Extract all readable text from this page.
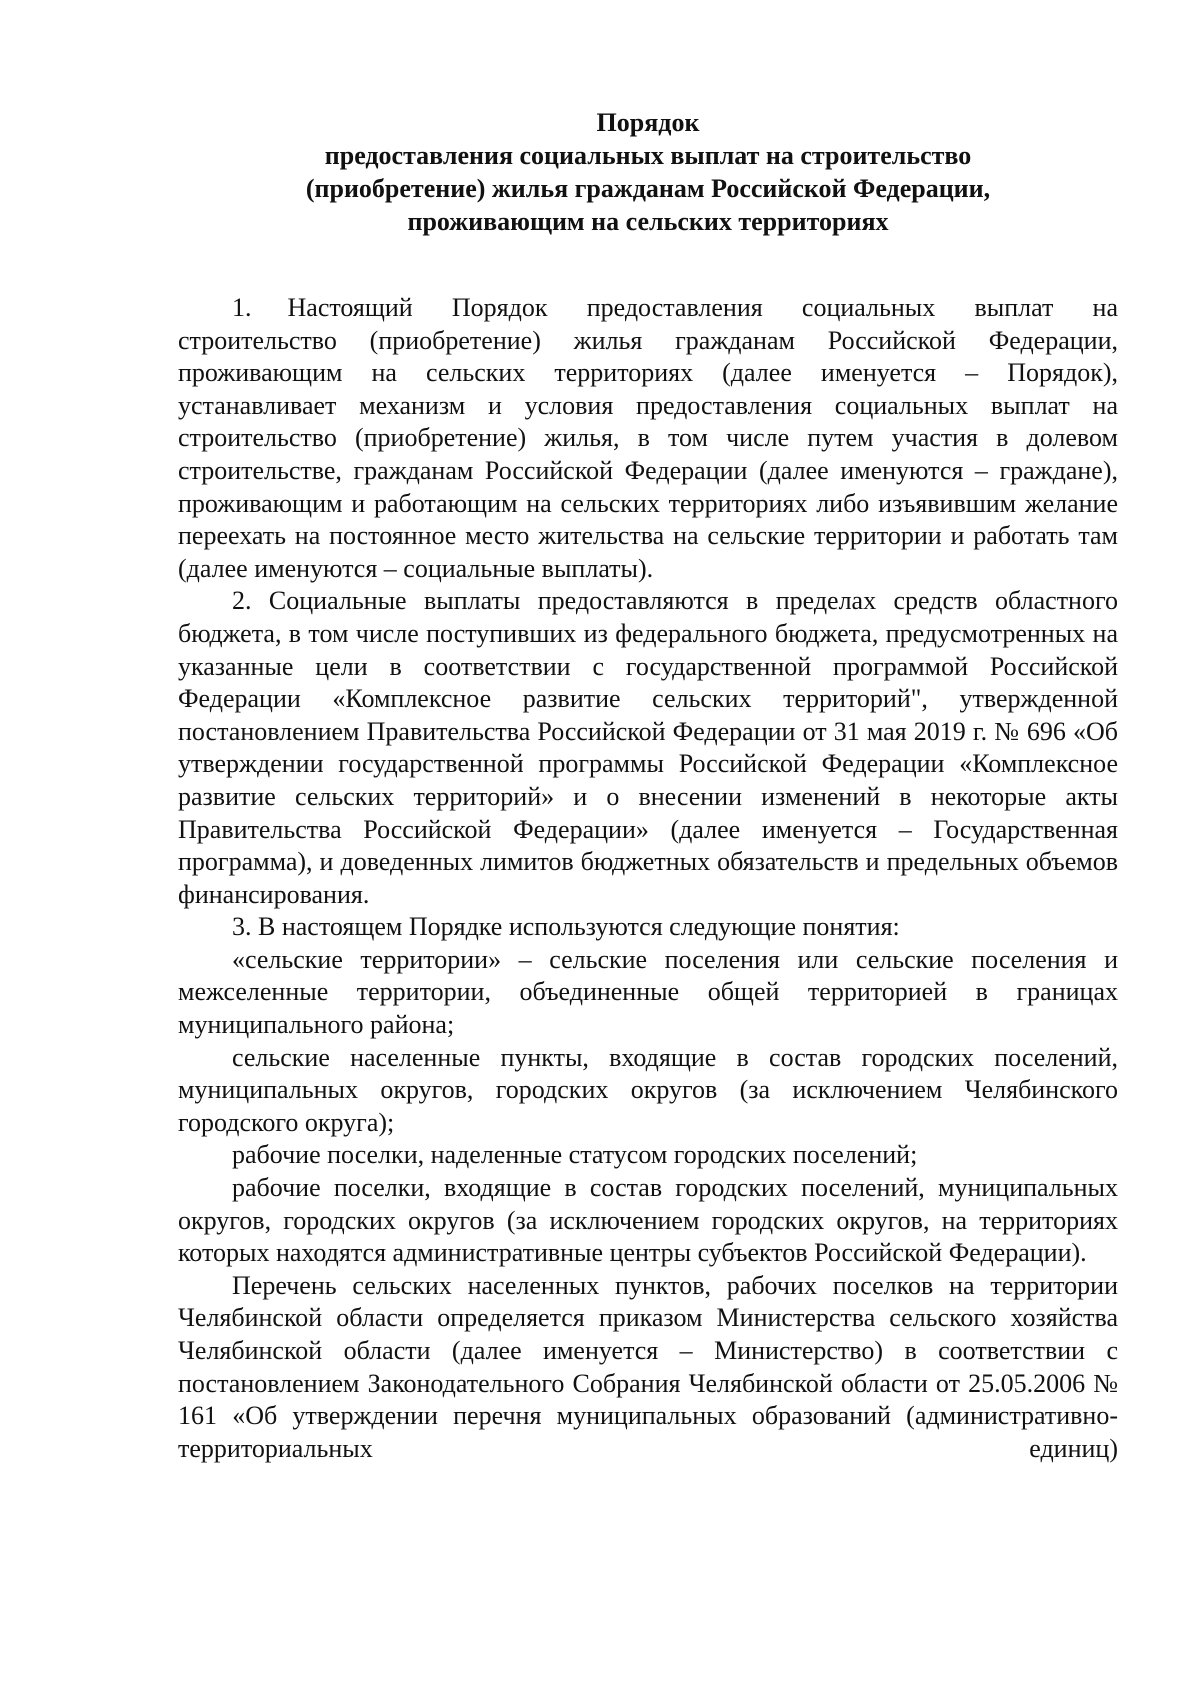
Порядок
предоставления социальных выплат на строительство
(приобретение) жилья гражданам Российской Федерации,
проживающим на сельских территориях

1. Настоящий Порядок предоставления социальных выплат на строительство (приобретение) жилья гражданам Российской Федерации, проживающим на сельских территориях (далее именуется – Порядок), устанавливает механизм и условия предоставления социальных выплат на строительство (приобретение) жилья, в том числе путем участия в долевом строительстве, гражданам Российской Федерации (далее именуются – граждане), проживающим и работающим на сельских территориях либо изъявившим желание переехать на постоянное место жительства на сельские территории и работать там (далее именуются – социальные выплаты).

2. Социальные выплаты предоставляются в пределах средств областного бюджета, в том числе поступивших из федерального бюджета, предусмотренных на указанные цели в соответствии с государственной программой Российской Федерации «Комплексное развитие сельских территорий", утвержденной постановлением Правительства Российской Федерации от 31 мая 2019 г. № 696 «Об утверждении государственной программы Российской Федерации «Комплексное развитие сельских территорий» и о внесении изменений в некоторые акты Правительства Российской Федерации» (далее именуется – Государственная программа), и доведенных лимитов бюджетных обязательств и предельных объемов финансирования.

3. В настоящем Порядке используются следующие понятия:

«сельские территории» – сельские поселения или сельские поселения и межселенные территории, объединенные общей территорией в границах муниципального района;

сельские населенные пункты, входящие в состав городских поселений, муниципальных округов, городских округов (за исключением Челябинского городского округа);

рабочие поселки, наделенные статусом городских поселений;

рабочие поселки, входящие в состав городских поселений, муниципальных округов, городских округов (за исключением городских округов, на территориях которых находятся административные центры субъектов Российской Федерации).

Перечень сельских населенных пунктов, рабочих поселков на территории Челябинской области определяется приказом Министерства сельского хозяйства Челябинской области (далее именуется – Министерство) в соответствии с постановлением Законодательного Собрания Челябинской области от 25.05.2006 № 161 «Об утверждении перечня муниципальных образований (административно-территориальных единиц)
